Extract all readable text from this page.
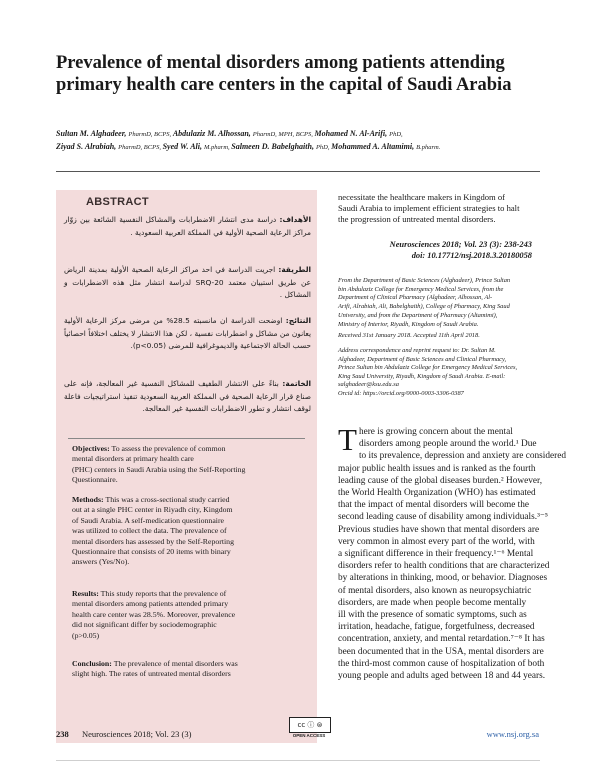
Prevalence of mental disorders among patients attending
primary health care centers in the capital of Saudi Arabia
Sultan M. Alghadeer, PharmD, BCPS, Abdulaziz M. Alhossan, PharmD, MPH, BCPS, Mohamed N. Al-Arifi, PhD,
Ziyad S. Alrabiah, PharmD, BCPS, Syed W. Ali, M.pharm, Salmeen D. Babelghaith, PhD, Mohammed A. Altamimi, B.pharm.
ABSTRACT
الأهداف: دراسة مدى انتشار الاضطرابات والمشاكل النفسية الشائعة بين زوّار مراكز الرعاية الصحية الأولية في المملكة العربية السعودية .
الطريقة: اجريت الدراسة في احد مراكز الرعاية الصحية الأولية بمدينة الرياض عن طريق استبيان معتمد SRQ-20 لدراسة انتشار مثل هذه الاضطرابات و المشاكل .
النتائج: اوضحت الدراسة ان مانسبته 28.5% من مرضى مركز الرعاية الأولية يعانون من مشاكل و اضطرابات نفسية ، لكن هذا الانتشار لا يختلف اختلافاً احصائياً حسب الحالة الاجتماعية والديموغرافية للمرضى (p<0.05).
الخاتمة: بناءً على الانتشار الطفيف للمشاكل النفسية غير المعالجة، فإنه على صناع قرار الرعاية الصحية في المملكة العربية السعودية تنفيذ استراتيجيات فاعلة لوقف انتشار و تطور الاضطرابات النفسية غير المعالجة.
Objectives: To assess the prevalence of common
mental disorders at primary health care
(PHC) centers in Saudi Arabia using the Self-Reporting
Questionnaire.
Methods: This was a cross-sectional study carried
out at a single PHC center in Riyadh city, Kingdom
of Saudi Arabia. A self-medication questionnaire
was utilized to collect the data. The prevalence of
mental disorders has assessed by the Self-Reporting
Questionnaire that consists of 20 items with binary
answers (Yes/No).
Results: This study reports that the prevalence of
mental disorders among patients attended primary
health care center was 28.5%. Moreover, prevalence
did not significant differ by sociodemographic
(p>0.05)
Conclusion: The prevalence of mental disorders was
slight high. The rates of untreated mental disorders
necessitate the healthcare makers in Kingdom of
Saudi Arabia to implement efficient strategies to halt
the progression of untreated mental disorders.
Neurosciences 2018; Vol. 23 (3): 238-243
doi: 10.17712/nsj.2018.3.20180058
From the Department of Basic Sciences (Alghadeer), Prince Sultan
bin Abdulaziz College for Emergency Medical Services, from the
Department of Clinical Pharmacy (Alghadeer, Alhossan, Al-
Arifi, Alrabiah, Ali, Babelghaith), College of Pharmacy, King Saud
University, and from the Department of Pharmacy (Altamimi),
Ministry of Interior, Riyadh, Kingdom of Saudi Arabia.
Received 31st January 2018. Accepted 11th April 2018.
Address correspondence and reprint request to: Dr. Sultan M.
Alghadeer, Department of Basic Sciences and Clinical Pharmacy,
Prince Sultan bin Abdulaziz College for Emergency Medical Services,
King Saud University, Riyadh, Kingdom of Saudi Arabia. E-mail:
salghadeer@ksu.edu.sa
Orcid id: https://orcid.org/0000-0003-3306-0387
T here is growing concern about the mental
disorders among people around the world.¹ Due
to its prevalence, depression and anxiety are considered
major public health issues and is ranked as the fourth
leading cause of the global diseases burden.² However,
the World Health Organization (WHO) has estimated
that the impact of mental disorders will become the
second leading cause of disability among individuals.³⁻⁵
Previous studies have shown that mental disorders are
very common in almost every part of the world, with
a significant difference in their frequency.¹⁻⁶ Mental
disorders refer to health conditions that are characterized
by alterations in thinking, mood, or behavior. Diagnoses
of mental disorders, also known as neuropsychiatric
disorders, are made when people become mentally
ill with the presence of somatic symptoms, such as
irritation, headache, fatigue, forgetfulness, decreased
concentration, anxiety, and mental retardation.⁷⁻⁸ It has
been documented that in the USA, mental disorders are
the third-most common cause of hospitalization of both
young people and adults aged between 18 and 44 years.
238 Neurosciences 2018; Vol. 23 (3)
cc ⓘ ⊜
OPEN ACCESS	www.nsj.org.sa
